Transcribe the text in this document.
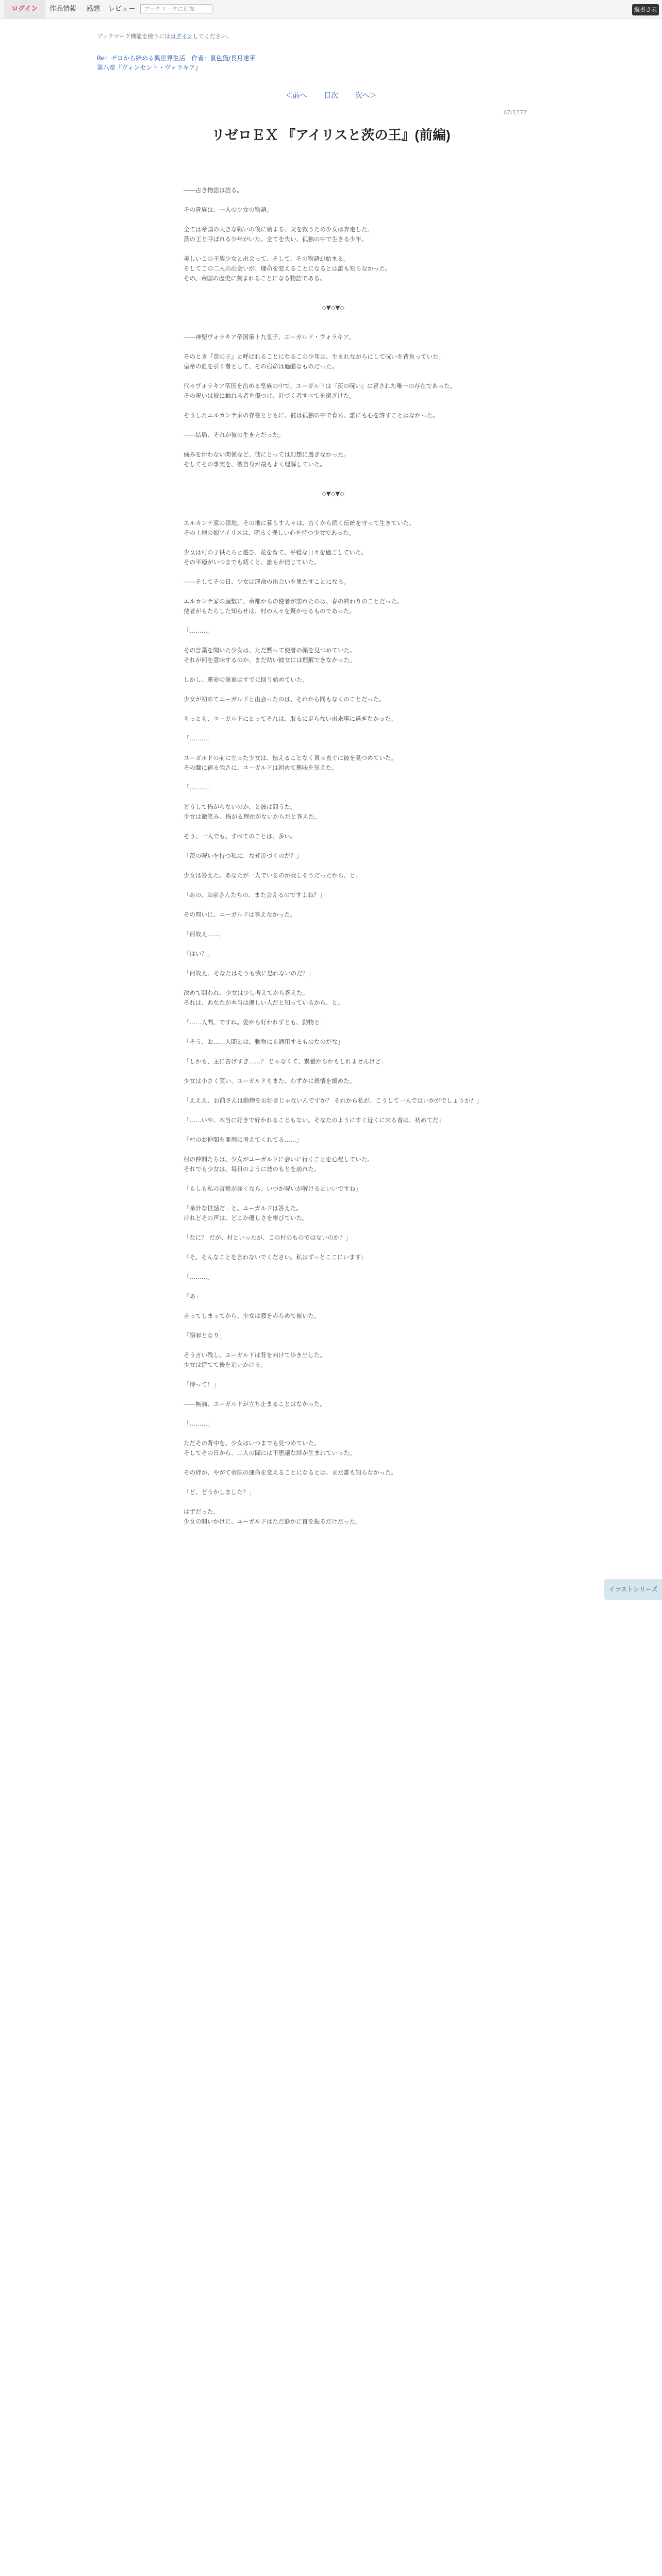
ログイン	作品情報 感想 レビュー	ブックマークに追加	縦書き表示
ブックマーク機能を使うにはログインしてください。
Re：ゼロから始める異世界生活　作者：鼠色猫/長月達平
第八章『ヴィンセント・ヴォラキア』
＜前へ 目次 次へ＞
67/1777
リゼロＥＸ 『アイリスと茨の王』(前編)

――古き物語は語る。

その貴族は、一人の少女の物語。

全ては帝国の大きな戦いの後に始まる、父を救うため少女は奔走した。

茨の王と呼ばれる少年がいた。全てを失い、孤独の中で生きる少年。

美しいこの王族少女と出会って、そして、その物語が始まる。

そしてこの二人の出会いが、運命を変えることになるとは誰も知らなかった。

その、帝国の歴史に刻まれることになる物語である。

◇▼◇▼◇

――神聖ヴォラキア帝国第十九皇子、ユーガルド・ヴォラキア。

そのとき『茨の王』と呼ばれることになるこの少年は、生まれながらにして呪いを背負っていた。

皇帝の血を引く者として、その宿命は過酷なものだった。

代々ヴォラキア帝国を治める皇族の中で、ユーガルドは『茨の呪い』に冒された唯一の存在であった。

その呪いは彼に触れる者を傷つけ、近づく者すべてを遠ざけた。

そうしたエルカンテ家の存在とともに、彼は孤独の中で育ち、誰にも心を許すことはなかった。

――結局、それが彼の生き方だった。

痛みを伴わない関係など、彼にとっては幻想に過ぎなかった。

そしてその事実を、彼自身が最もよく理解していた。

◇▼◇▼◇

エルカンテ家の領地、その地に暮らす人々は、古くから続く伝統を守って生きていた。

その土地の娘アイリスは、明るく優しい心を持つ少女であった。

少女は村の子供たちと遊び、花を育て、平穏な日々を過ごしていた。

その平穏がいつまでも続くと、誰もが信じていた。

――そしてその日、少女は運命の出会いを果たすことになる。

エルカンテ家の屋敷に、帝都からの使者が訪れたのは、春の終わりのことだった。

使者がもたらした知らせは、村の人々を驚かせるものであった。

「………」

その言葉を聞いた少女は、ただ黙って使者の顔を見つめていた。

それが何を意味するのか、まだ幼い彼女には理解できなかった。

しかし、運命の歯車はすでに回り始めていた。

少女が初めてユーガルドと出会ったのは、それから間もなくのことだった。

もっとも、ユーガルドにとってそれは、取るに足らない出来事に過ぎなかった。

「………」

ユーガルドの前に立った少女は、怯えることなく真っ直ぐに彼を見つめていた。

その瞳に宿る強さに、ユーガルドは初めて興味を覚えた。

「………」

どうして怖がらないのか、と彼は問うた。

少女は微笑み、怖がる理由がないからだと答えた。

そう、一人でも、すべてのことは、多い。

「茨の呪いを持つ私に、なぜ近づくのだ？」

少女は答えた。あなたが一人でいるのが寂しそうだったから、と。

「あの、お前さんたちの、また会えるのですよね？」

その問いに、ユーガルドは答えなかった。

「何故え……」

「はい？」

「何故え、そなたはそうも我に恐れないのだ？」

改めて問われ、少女は少し考えてから答えた。

それは、あなたが本当は優しい人だと知っているから、と。

「……人間、ですね。姿から好かれずとも、動物と」

「そう、お……人間とは、動物にも通用するものなのだな」

「しかも、主に告げすぎ……？ じゃなくて、緊張からかもしれませんけど」

少女は小さく笑い、ユーガルドもまた、わずかに表情を緩めた。

「えええ、お前さんは動物をお好きじゃないんですか？ それから私が、こうして一人ではいかがでしょうか？」

「……いや、本当に好きで好かれることもない。そなたのようにすぐ近くに来る者は、初めてだ」

「村のお仲間を亜剤に考えてくれてる……」

村の仲間たちは、少女がユーガルドに会いに行くことを心配していた。

それでも少女は、毎日のように彼のもとを訪れた。

「もしも私の言葉が届くなら、いつか呪いが解けるといいですね」

「余計な世話だ」と、ユーガルドは答えた。

けれどその声は、どこか優しさを帯びていた。

「なに？ だが、村といったが、この村のものではないのか？」

「そ、そんなことを言わないでください。私はずっとここにいます」

「………」

「あ」

言ってしまってから、少女は顔を赤らめて俯いた。

「謝罪となり」

そう言い残し、ユーガルドは背を向けて歩き出した。

少女は慌てて後を追いかける。

「待って！」

――無論、ユーガルドが立ち止まることはなかった。

「………」

ただその背中を、少女はいつまでも見つめていた。

そしてその日から、二人の間には不思議な絆が生まれていった。

その絆が、やがて帝国の運命を変えることになるとは、まだ誰も知らなかった。

「ど、どうかしました？」

はずだった。

少女の問いかけに、ユーガルドはただ静かに首を振るだけだった。

イラストシリーズ
